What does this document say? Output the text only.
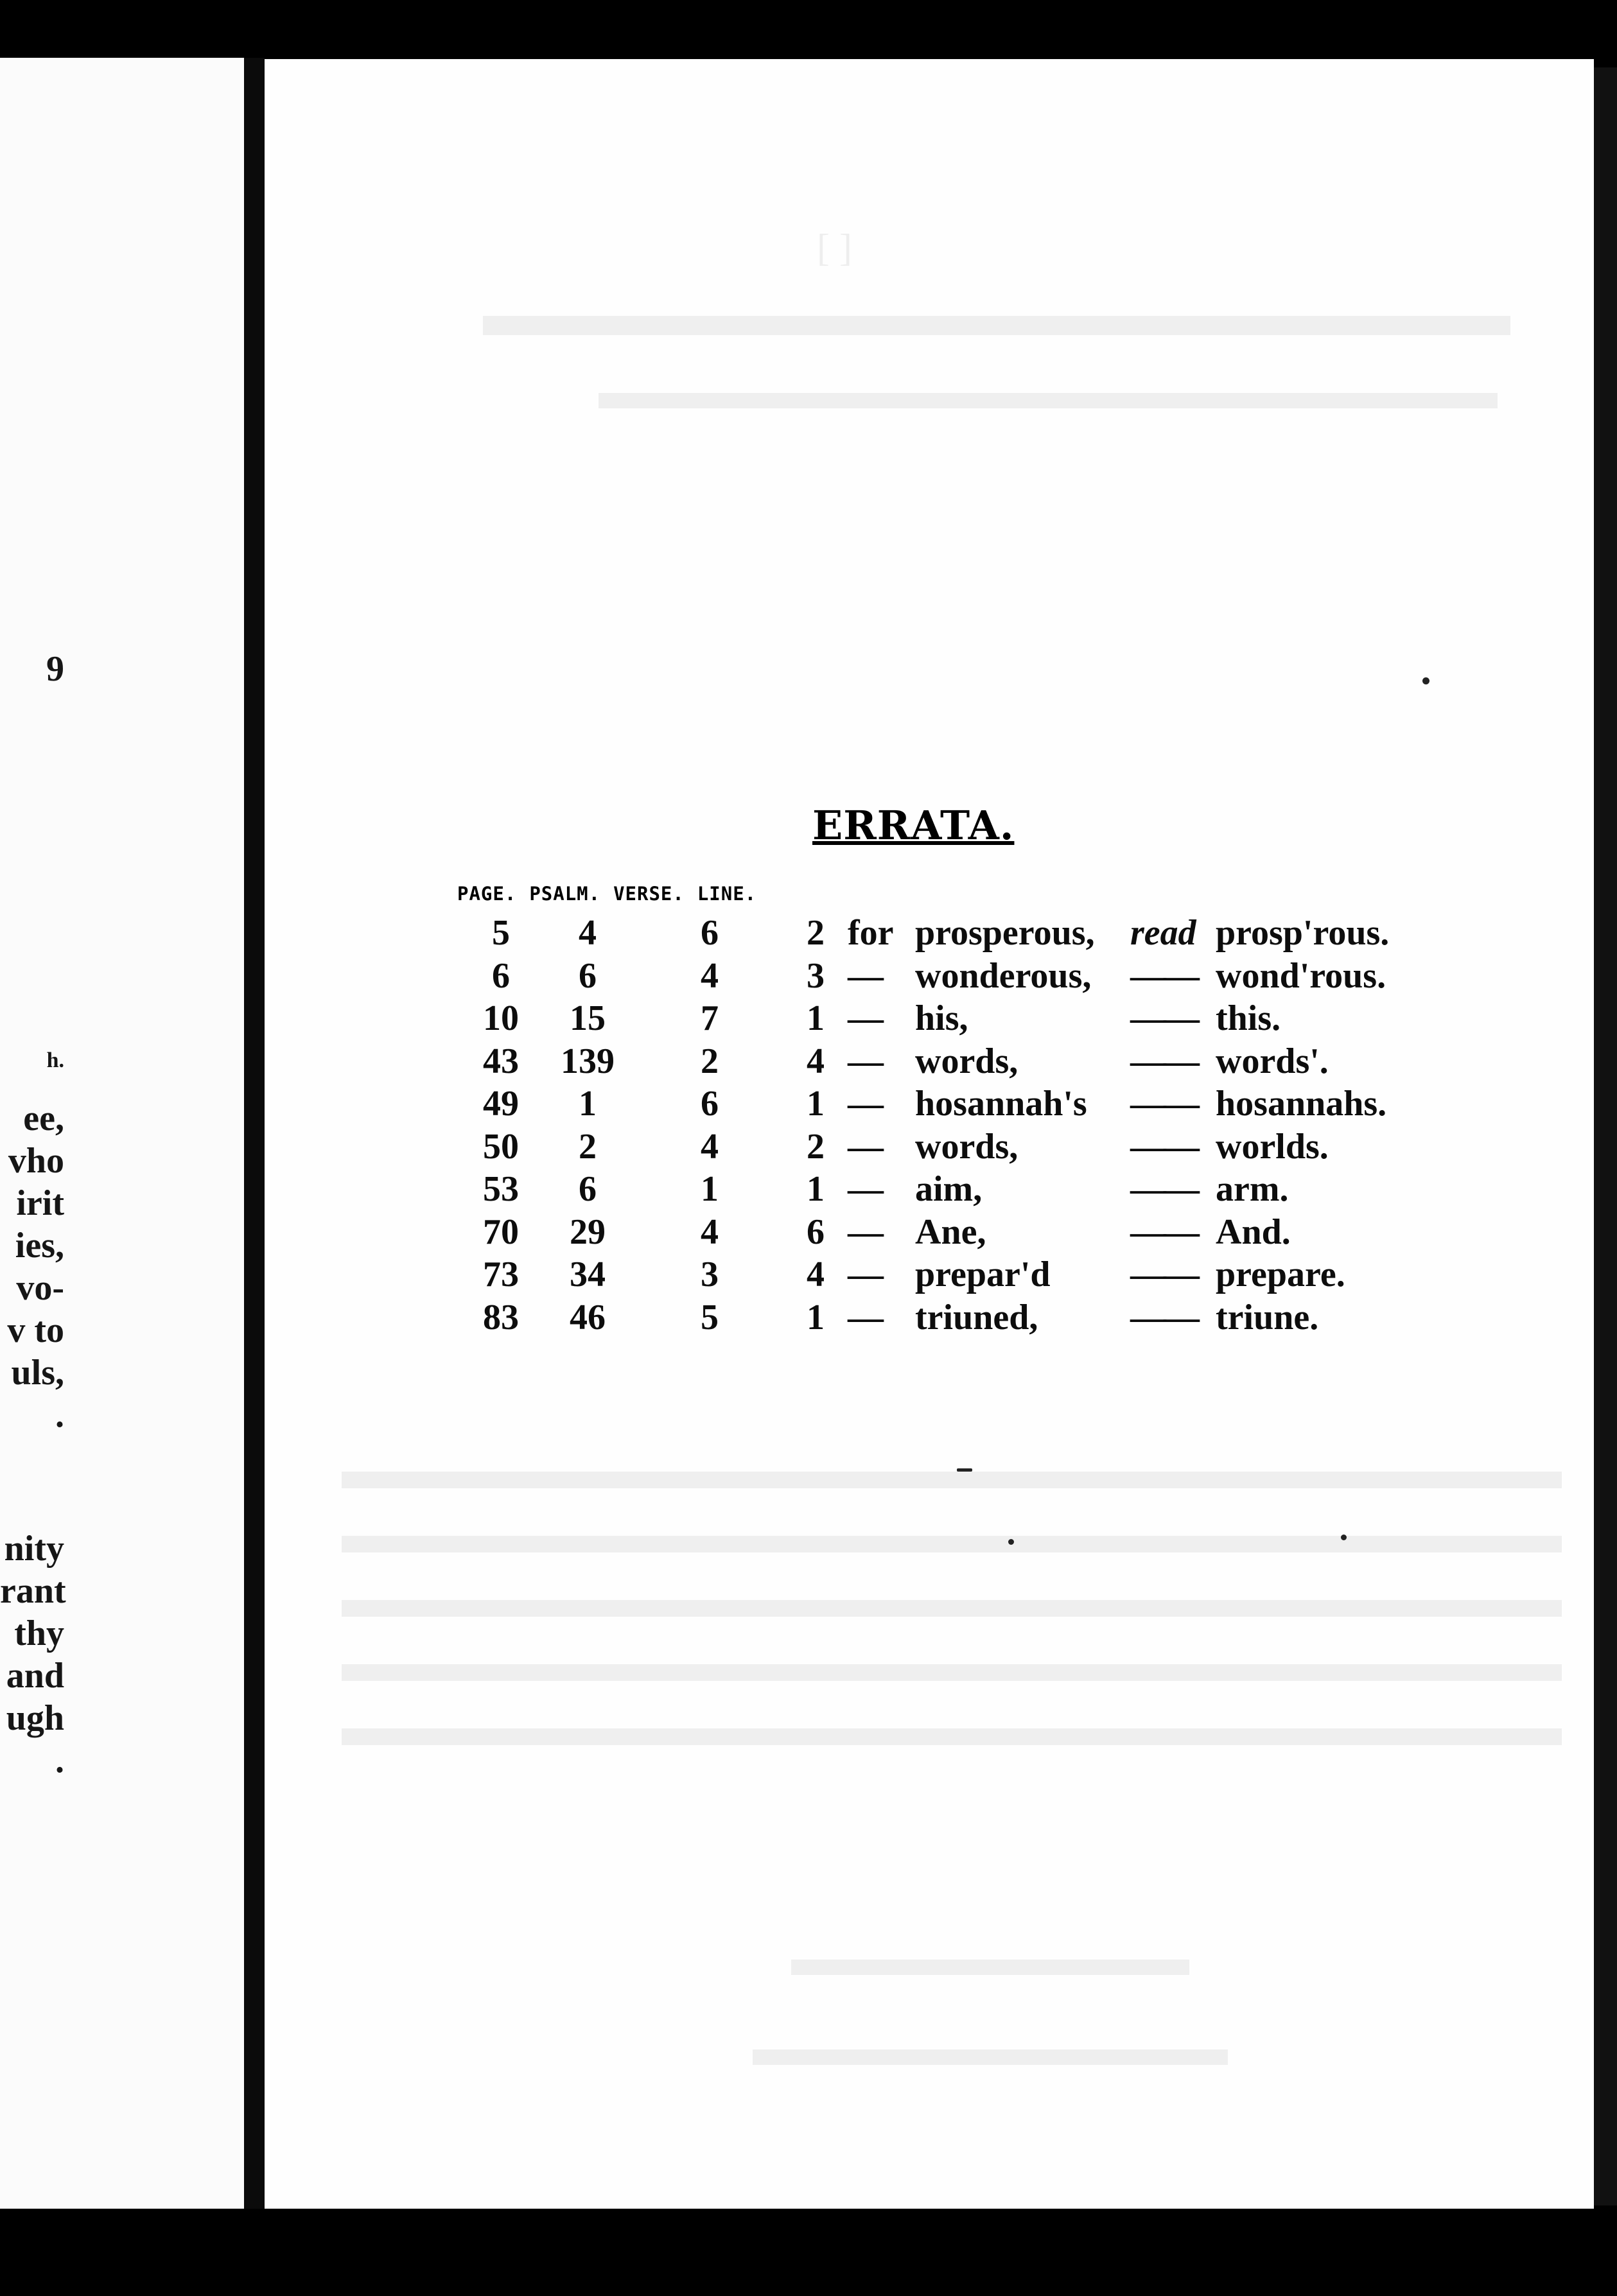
9
h.
ee,
vho
irit
ies,
vo-
v to
uls,
.
nity
rant
thy
and
ugh
.
[ ]
ERRATA.
PAGE. PSALM. VERSE. LINE.
5	4	6	2 for prosperous, read prosp'rous.
6	6	4	3 — wonderous,	—— wond'rous.
10	15	7	1 — his,	—— this.
43	139	2	4 — words,	—— words'.
49	1	6	1 — hosannah's	—— hosannahs.
50	2	4	2 — words,	—— worlds.
53	6	1	1 — aim,	—— arm.
70	29	4	6 — Ane,	—— And.
73	34	3	4 — prepar'd	—— prepare.
83	46	5	1 — triuned,	—— triune.
